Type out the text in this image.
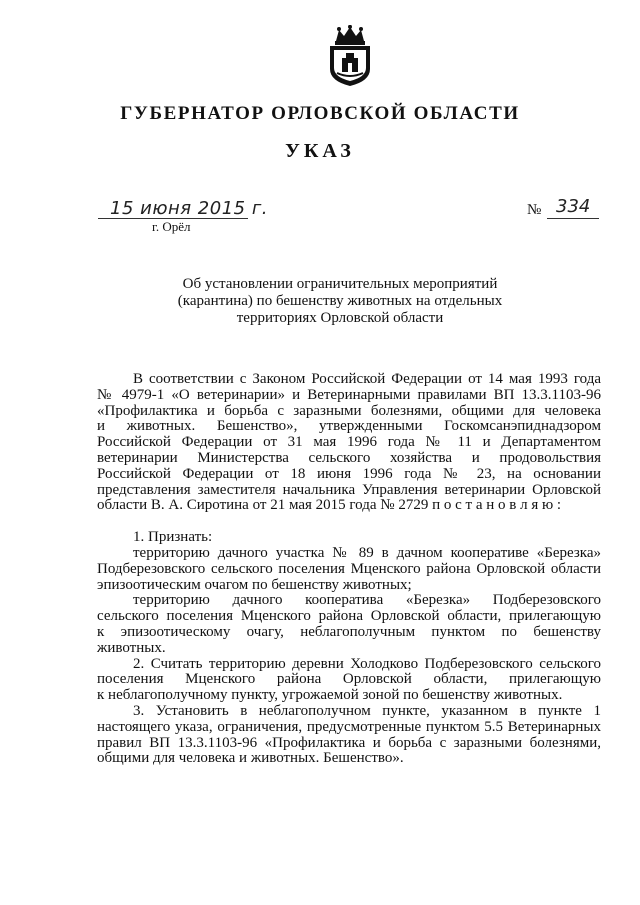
ГУБЕРНАТОР ОРЛОВСКОЙ ОБЛАСТИ
УКАЗ
15 июня 2015 г.
г. Орёл
№ 334
Об установлении ограничительных мероприятий
(карантина) по бешенству животных на отдельных
территориях Орловской области
В соответствии с Законом Российской Федерации от 14 мая 1993 года
№ 4979-1 «О ветеринарии» и Ветеринарными правилами ВП 13.3.1103-96
«Профилактика и борьба с заразными болезнями, общими для человека
и животных. Бешенство», утвержденными Госкомсанэпиднадзором
Российской Федерации от 31 мая 1996 года № 11 и Департаментом
ветеринарии Министерства сельского хозяйства и продовольствия
Российской Федерации от 18 июня 1996 года № 23, на основании
представления заместителя начальника Управления ветеринарии Орловской
области В. А. Сиротина от 21 мая 2015 года № 2729 п о с т а н о в л я ю :
1. Признать:
территорию дачного участка № 89 в дачном кооперативе «Березка»
Подберезовского сельского поселения Мценского района Орловской области
эпизоотическим очагом по бешенству животных;
территорию дачного кооператива «Березка» Подберезовского
сельского поселения Мценского района Орловской области, прилегающую
к эпизоотическому очагу, неблагополучным пунктом по бешенству
животных.
2. Считать территорию деревни Холодково Подберезовского сельского
поселения Мценского района Орловской области, прилегающую
к неблагополучному пункту, угрожаемой зоной по бешенству животных.
3. Установить в неблагополучном пункте, указанном в пункте 1
настоящего указа, ограничения, предусмотренные пунктом 5.5 Ветеринарных
правил ВП 13.3.1103-96 «Профилактика и борьба с заразными болезнями,
общими для человека и животных. Бешенство».
